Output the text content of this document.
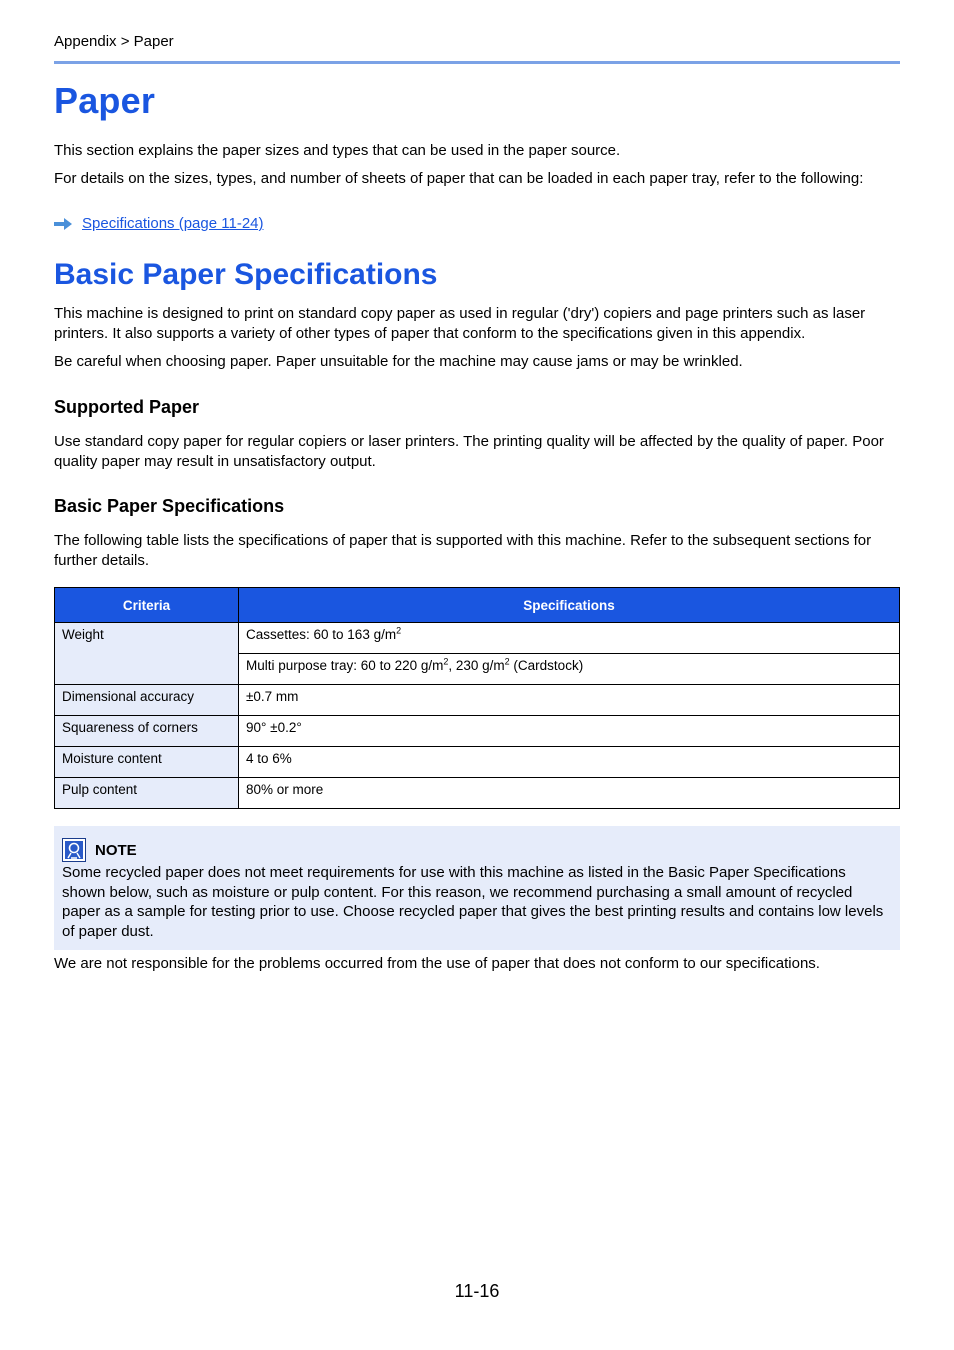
Appendix > Paper
Paper
This section explains the paper sizes and types that can be used in the paper source.
For details on the sizes, types, and number of sheets of paper that can be loaded in each paper tray, refer to the following:
Specifications (page 11-24)
Basic Paper Specifications
This machine is designed to print on standard copy paper as used in regular ('dry') copiers and page printers such as laser printers. It also supports a variety of other types of paper that conform to the specifications given in this appendix.
Be careful when choosing paper. Paper unsuitable for the machine may cause jams or may be wrinkled.
Supported Paper
Use standard copy paper for regular copiers or laser printers. The printing quality will be affected by the quality of paper. Poor quality paper may result in unsatisfactory output.
Basic Paper Specifications
The following table lists the specifications of paper that is supported with this machine. Refer to the subsequent sections for further details.
Criteria	Specifications
Weight	Cassettes: 60 to 163 $g/m^2$
	Multi purpose tray: 60 to 220 $g/m^2$, 230 $g/m^2$ (Cardstock)
Dimensional accuracy	±0.7 mm
Squareness of corners	90° ±0.2°
Moisture content	4 to 6%
Pulp content	80% or more
NOTE
Some recycled paper does not meet requirements for use with this machine as listed in the Basic Paper Specifications shown below, such as moisture or pulp content. For this reason, we recommend purchasing a small amount of recycled paper as a sample for testing prior to use. Choose recycled paper that gives the best printing results and contains low levels of paper dust.
We are not responsible for the problems occurred from the use of paper that does not conform to our specifications.
11-16
